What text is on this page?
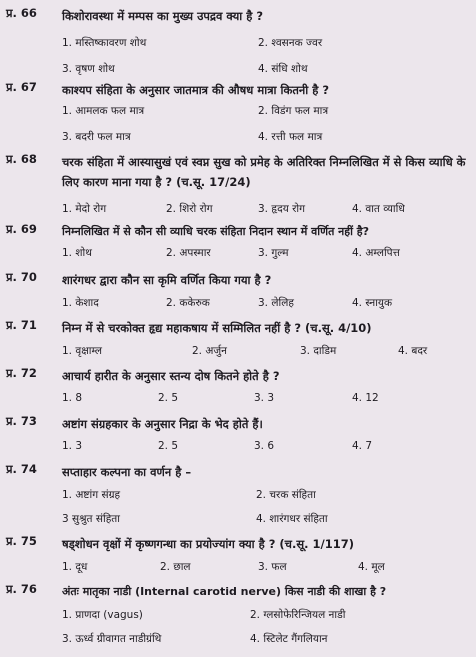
प्र. 66 किशोरावस्था में मम्पस का मुख्य उपद्रव क्या है ?
1. मस्तिष्कावरण शोथ	2. श्वसनक ज्वर
3. वृषण शोथ	4. संधि शोथ
प्र. 67 काश्यप संहिता के अनुसार जातमात्र की औषध मात्रा कितनी है ?
1. आमलक फल मात्र	2. विडंग फल मात्र
3. बदरी फल मात्र	4. रत्ती फल मात्र
प्र. 68 चरक संहिता में आस्यासुखं एवं स्वप्न सुख को प्रमेह के अतिरिक्त निम्नलिखित में से किस व्याधि के लिए कारण माना गया है ? (च.सू. 17/24)
1. मेदो रोग	2. शिरो रोग	3. हृदय रोग	4. वात व्याधि
प्र. 69 निम्नलिखित में से कौन सी व्याधि चरक संहिता निदान स्थान में वर्णित नहीं है?
1. शोथ	2. अपस्मार	3. गुल्म	4. अम्लपित्त
प्र. 70 शारंगधर द्वारा कौन सा कृमि वर्णित किया गया है ?
1. केशाद	2. ककेरुक	3. लेलिह	4. स्नायुक
प्र. 71 निम्न में से चरकोक्त हृद्य महाकषाय में सम्मिलित नहीं है ? (च.सू. 4/10)
1. वृक्षाम्ल	2. अर्जुन	3. दाडिम	4. बदर
प्र. 72 आचार्य हारीत के अनुसार स्तन्य दोष कितने होते है ?
1. 8	2. 5	3. 3	4. 12
प्र. 73 अष्टांग संग्रहकार के अनुसार निद्रा के भेद होते हैं।
1. 3	2. 5	3. 6	4. 7
प्र. 74 सप्ताहार कल्पना का वर्णन है –
1. अष्टांग संग्रह	2. चरक संहिता
3 सुश्रुत संहिता	4. शारंगधर संहिता
प्र. 75 षड्शोधन वृक्षों में कृष्णगन्धा का प्रयोज्यांग क्या है ? (च.सू. 1/117)
1. दूध	2. छाल	3. फल	4. मूल
प्र. 76 अंतः मातृका नाडी (Internal carotid nerve) किस नाडी की शाखा है ?
1. प्राणदा (vagus)	2. ग्लसोफेरिन्जियल नाडी
3. ऊर्ध्व ग्रीवागत नाडीग्रंथि	4. स्टिलेट गैंगलियान
